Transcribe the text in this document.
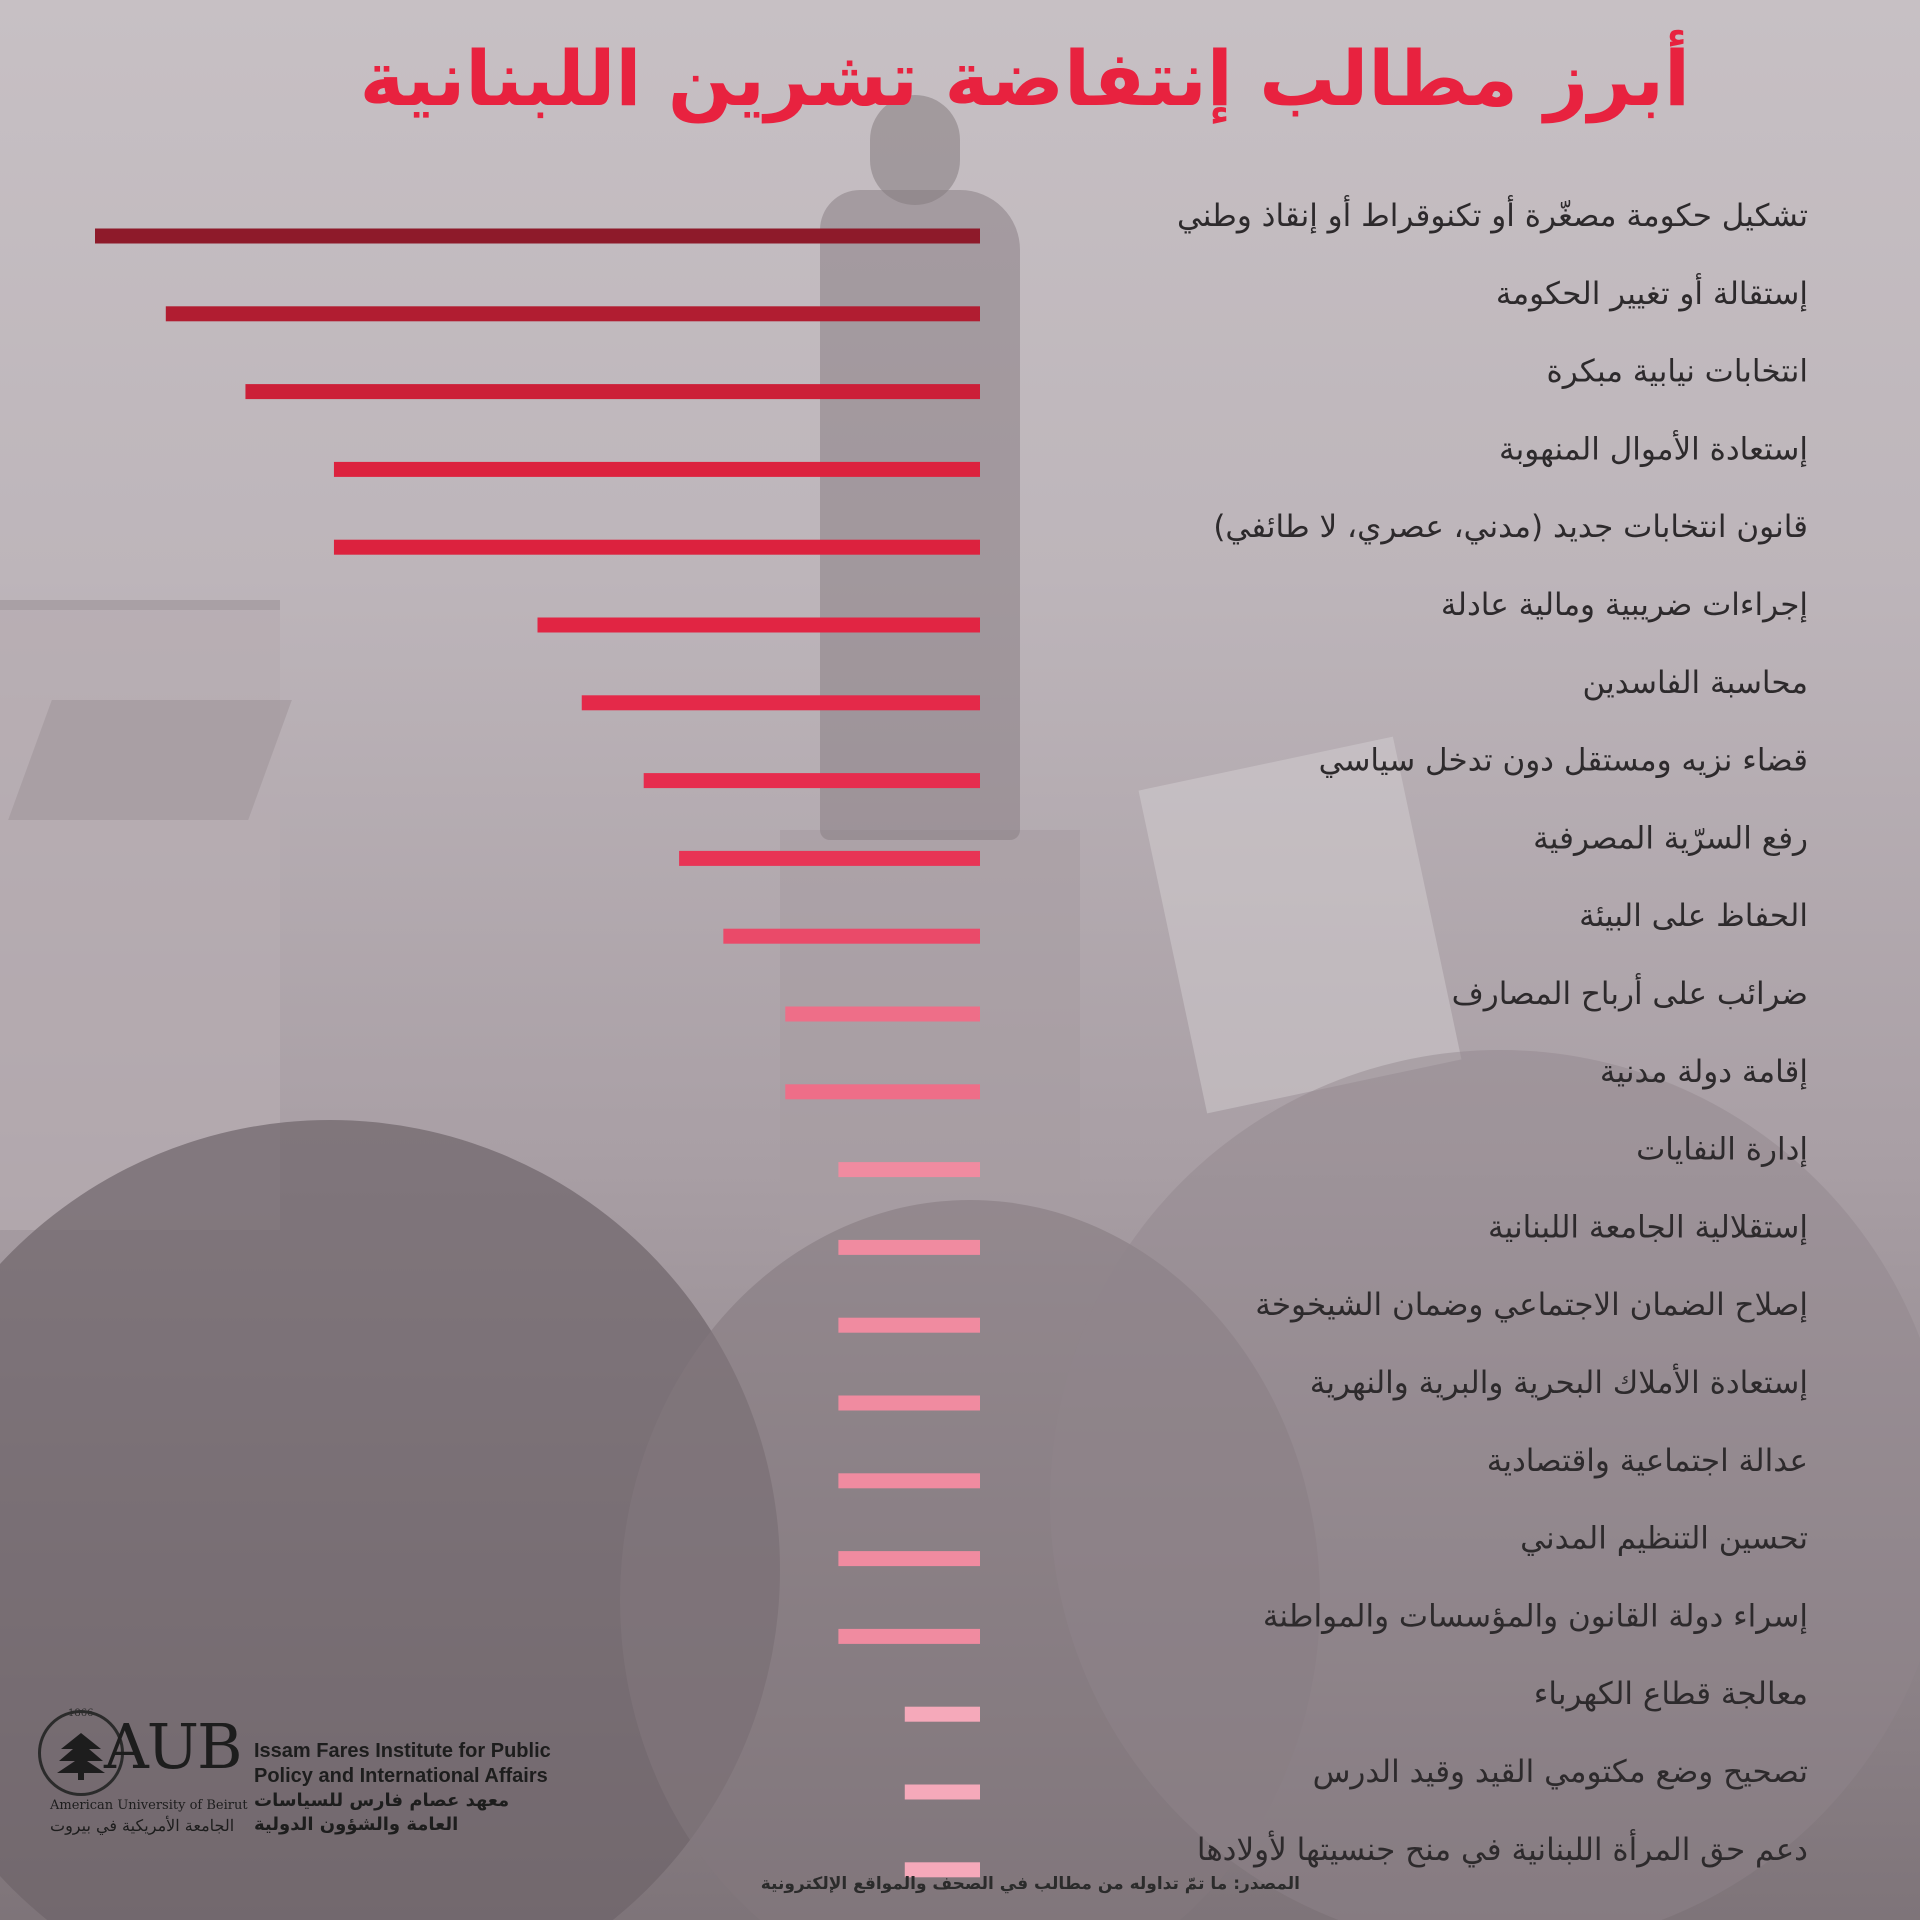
أبرز مطالب إنتفاضة تشرين اللبنانية
تشكيل حكومة مصغّرة أو تكنوقراط أو إنقاذ وطني
إستقالة أو تغيير الحكومة
انتخابات نيابية مبكرة
إستعادة الأموال المنهوبة
قانون انتخابات جديد (مدني، عصري، لا طائفي)
إجراءات ضريبية ومالية عادلة
محاسبة الفاسدين
قضاء نزيه ومستقل دون تدخل سياسي
رفع السرّية المصرفية
الحفاظ على البيئة
ضرائب على أرباح المصارف
إقامة دولة مدنية
إدارة النفايات
إستقلالية الجامعة اللبنانية
إصلاح الضمان الاجتماعي وضمان الشيخوخة
إستعادة الأملاك البحرية والبرية والنهرية
عدالة اجتماعية واقتصادية
تحسين التنظيم المدني
إسراء دولة القانون والمؤسسات والمواطنة
معالجة قطاع الكهرباء
تصحيح وضع مكتومي القيد وقيد الدرس
دعم حق المرأة اللبنانية في منح جنسيتها لأولادها
1866 AUB
American University of Beirut
الجامعة الأمريكية في بيروت
Issam Fares Institute for Public
Policy and International Affairs
معهد عصام فارس للسياسات
العامة والشؤون الدولية
المصدر: ما تمّ تداوله من مطالب في الصحف والمواقع الإلكترونية
